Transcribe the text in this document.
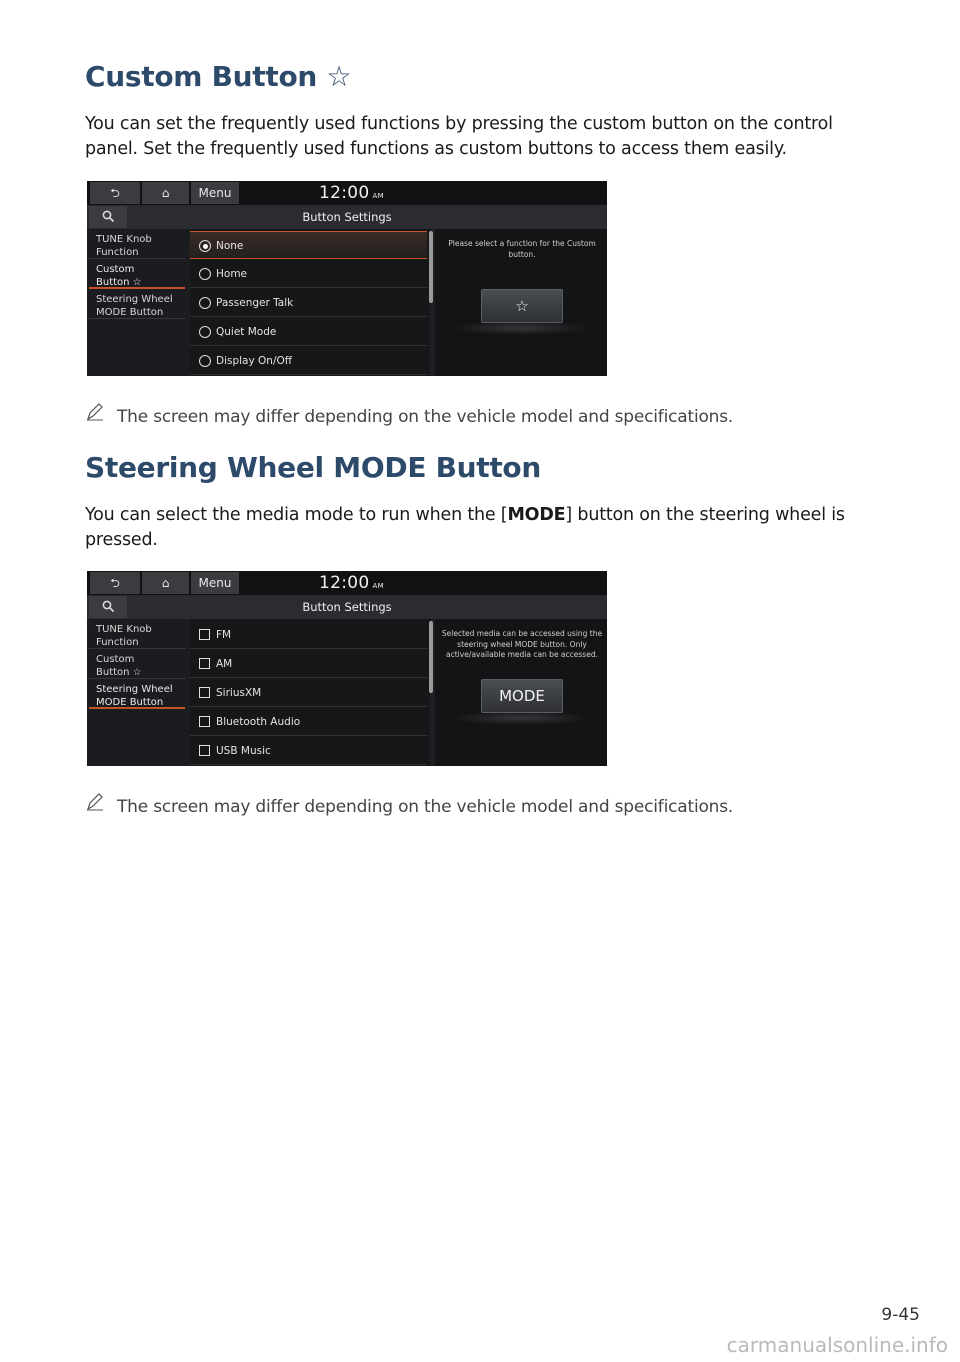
Custom Button ☆

You can set the frequently used functions by pressing the custom button on the control panel. Set the frequently used functions as custom buttons to access them easily.

⮌	⌂	Menu	12:00 AM
Button Settings
TUNE Knob
Function
Custom
Button ☆
Steering Wheel
MODE Button
None
Home
Passenger Talk
Quiet Mode
Display On/Off
Please select a function for the Custom button.
☆
The screen may differ depending on the vehicle model and specifications.
Steering Wheel MODE Button

You can select the media mode to run when the [MODE] button on the steering wheel is pressed.

⮌	⌂	Menu	12:00 AM
Button Settings
TUNE Knob
Function
Custom
Button ☆
Steering Wheel
MODE Button
FM
AM
SiriusXM
Bluetooth Audio
USB Music
Selected media can be accessed using the steering wheel MODE button. Only active/available media can be accessed.
MODE
The screen may differ depending on the vehicle model and specifications.
9-45
carmanualsonline.info
